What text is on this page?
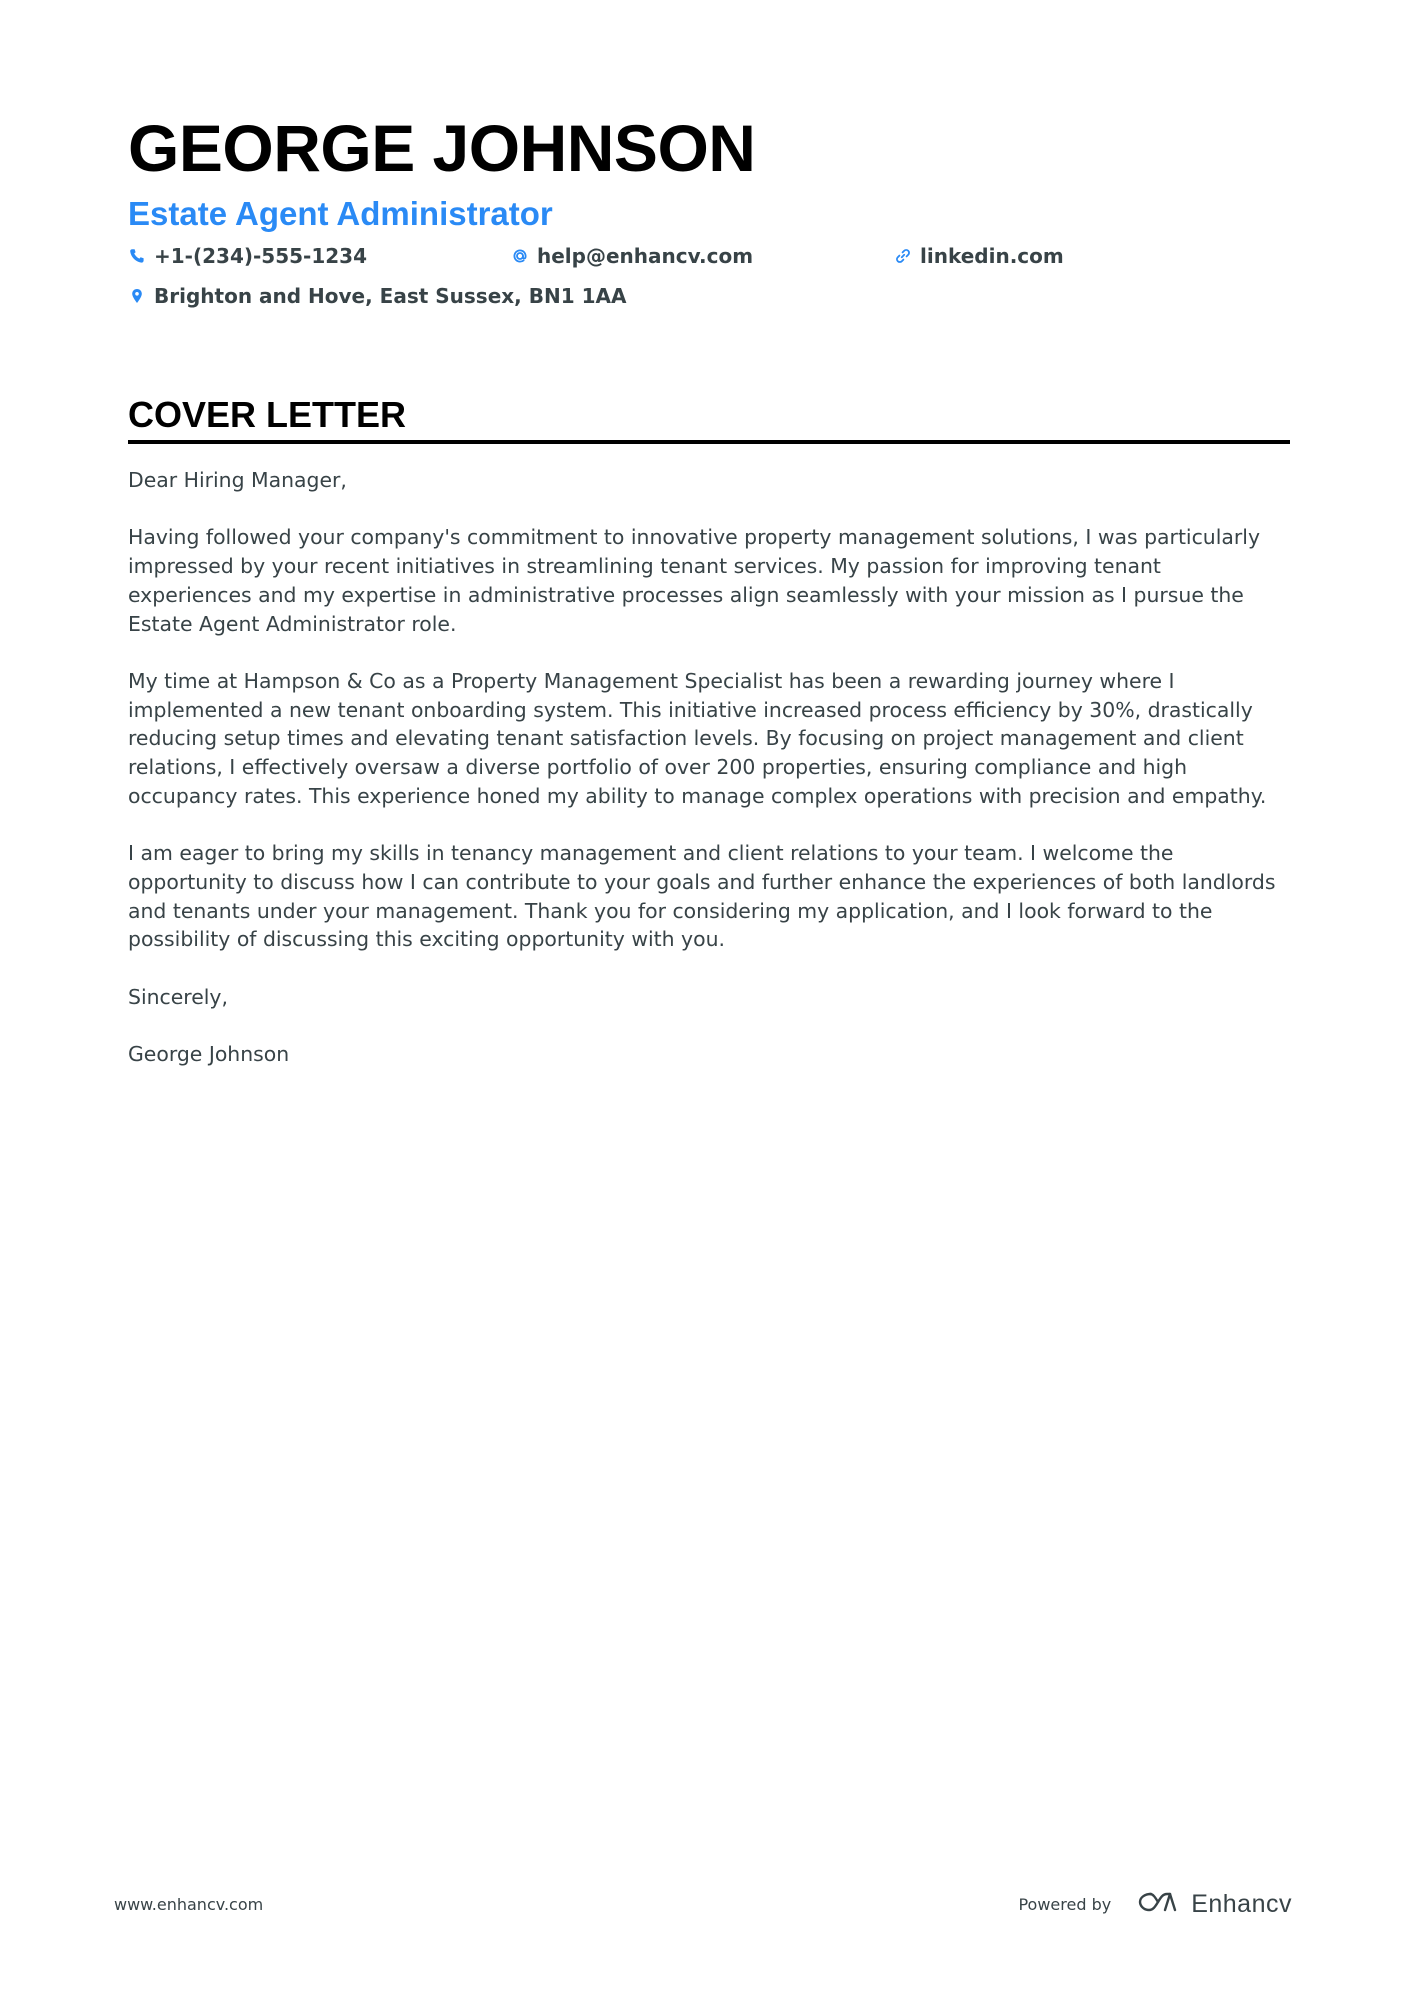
GEORGE JOHNSON
Estate Agent Administrator
+1-(234)-555-1234	help@enhancv.com	linkedin.com
Brighton and Hove, East Sussex, BN1 1AA
COVER LETTER

Dear Hiring Manager,

Having followed your company's commitment to innovative property management solutions, I was particularly impressed by your recent initiatives in streamlining tenant services. My passion for improving tenant experiences and my expertise in administrative processes align seamlessly with your mission as I pursue the Estate Agent Administrator role.

My time at Hampson & Co as a Property Management Specialist has been a rewarding journey where I implemented a new tenant onboarding system. This initiative increased process efficiency by 30%, drastically reducing setup times and elevating tenant satisfaction levels. By focusing on project management and client relations, I effectively oversaw a diverse portfolio of over 200 properties, ensuring compliance and high occupancy rates. This experience honed my ability to manage complex operations with precision and empathy.

I am eager to bring my skills in tenancy management and client relations to your team. I welcome the opportunity to discuss how I can contribute to your goals and further enhance the experiences of both landlords and tenants under your management. Thank you for considering my application, and I look forward to the possibility of discussing this exciting opportunity with you.

Sincerely,

George Johnson

www.enhancv.com	Powered by	Enhancv
